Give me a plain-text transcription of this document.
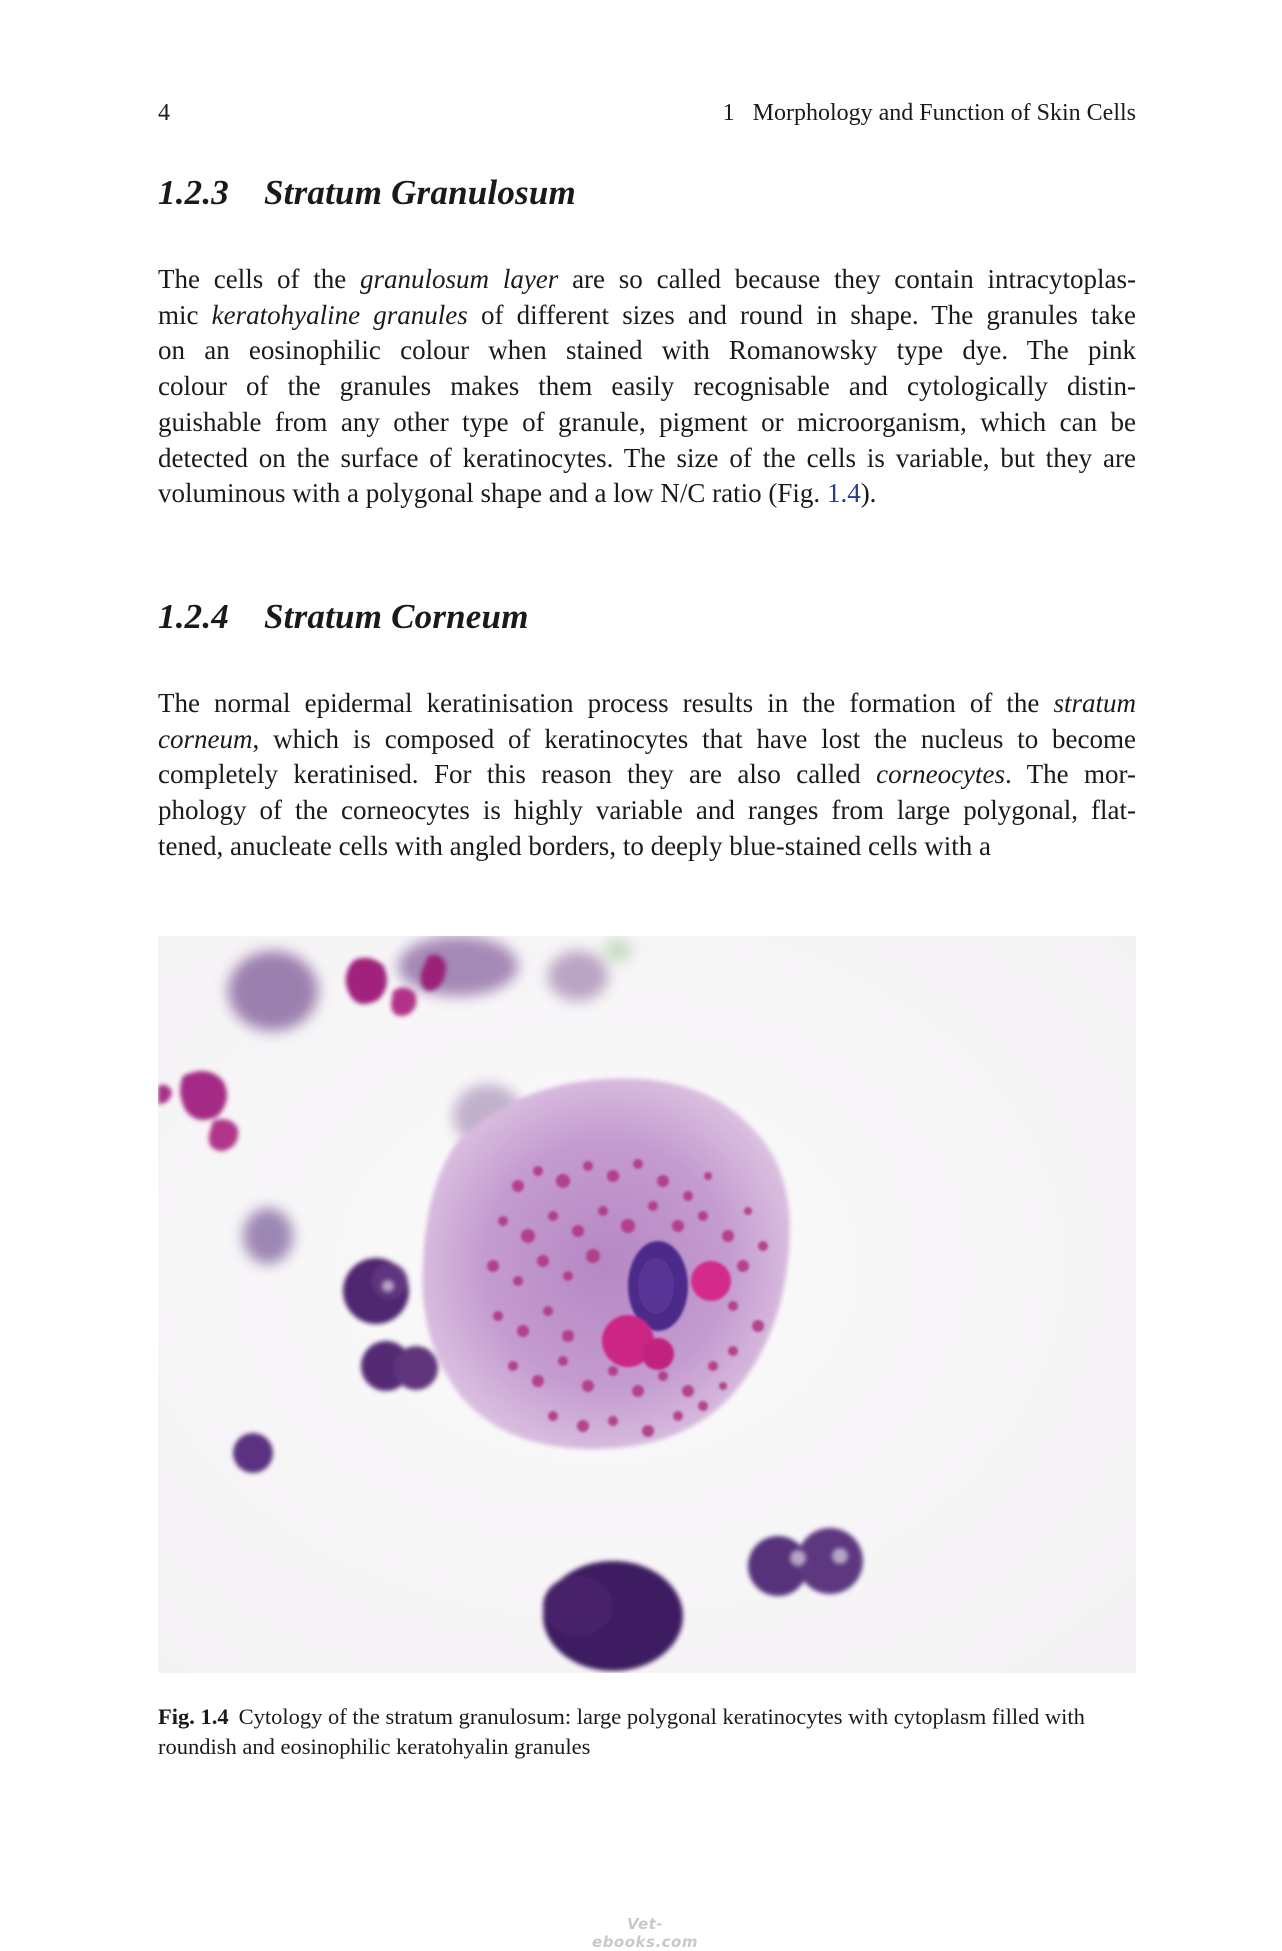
4	1 Morphology and Function of Skin Cells
1.2.3 Stratum Granulosum
The cells of the granulosum layer are so called because they contain intracytoplas-
mic keratohyaline granules of different sizes and round in shape. The granules take
on an eosinophilic colour when stained with Romanowsky type dye. The pink
colour of the granules makes them easily recognisable and cytologically distin-
guishable from any other type of granule, pigment or microorganism, which can be
detected on the surface of keratinocytes. The size of the cells is variable, but they are
voluminous with a polygonal shape and a low N/C ratio (Fig. 1.4).
1.2.4 Stratum Corneum
The normal epidermal keratinisation process results in the formation of the stratum
corneum, which is composed of keratinocytes that have lost the nucleus to become
completely keratinised. For this reason they are also called corneocytes. The mor-
phology of the corneocytes is highly variable and ranges from large polygonal, flat-
tened, anucleate cells with angled borders, to deeply blue-stained cells with a

Fig. 1.4 Cytology of the stratum granulosum: large polygonal keratinocytes with cytoplasm filled with roundish and eosinophilic keratohyalin granules

Vet-ebooks.com
